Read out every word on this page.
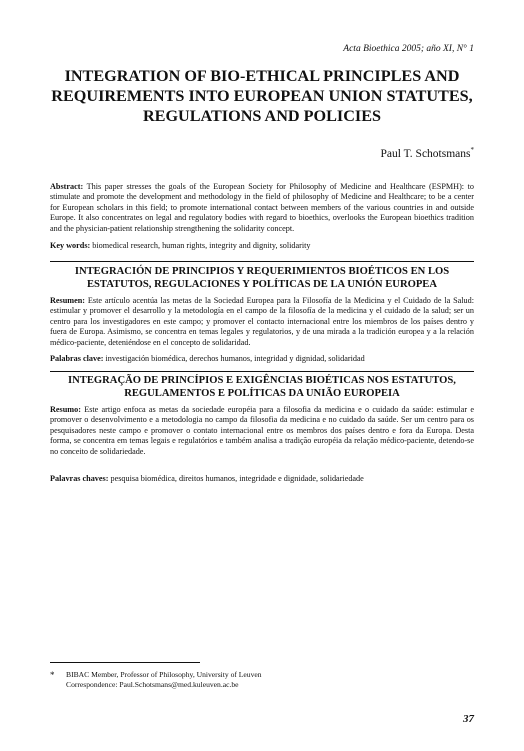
Acta Bioethica 2005; año XI, N° 1
INTEGRATION OF BIO-ETHICAL PRINCIPLES AND REQUIREMENTS INTO EUROPEAN UNION STATUTES, REGULATIONS AND POLICIES
Paul T. Schotsmans*
Abstract: This paper stresses the goals of the European Society for Philosophy of Medicine and Healthcare (ESPMH): to stimulate and promote the development and methodology in the field of philosophy of Medicine and Healthcare; to be a center for European scholars in this field; to promote international contact between members of the various countries in and outside Europe. It also concentrates on legal and regulatory bodies with regard to bioethics, overlooks the European bioethics tradition and the physician-patient relationship strengthening the solidarity concept.
Key words: biomedical research, human rights, integrity and dignity, solidarity
INTEGRACIÓN DE PRINCIPIOS Y REQUERIMIENTOS BIOÉTICOS EN LOS ESTATUTOS, REGULACIONES Y POLÍTICAS DE LA UNIÓN EUROPEA
Resumen: Este artículo acentúa las metas de la Sociedad Europea para la Filosofía de la Medicina y el Cuidado de la Salud: estimular y promover el desarrollo y la metodología en el campo de la filosofía de la medicina y el cuidado de la salud; ser un centro para los investigadores en este campo; y promover el contacto internacional entre los miembros de los países dentro y fuera de Europa. Asimismo, se concentra en temas legales y regulatorios, y de una mirada a la tradición europea y a la relación médico-paciente, deteniéndose en el concepto de solidaridad.
Palabras clave: investigación biomédica, derechos humanos, integridad y dignidad, solidaridad
INTEGRAÇÃO DE PRINCÍPIOS E EXIGÊNCIAS BIOÉTICAS NOS ESTATUTOS, REGULAMENTOS E POLÍTICAS DA UNIÃO EUROPEIA
Resumo: Este artigo enfoca as metas da sociedade européia para a filosofia da medicina e o cuidado da saúde: estimular e promover o desenvolvimento e a metodologia no campo da filosofia da medicina e no cuidado da saúde. Ser um centro para os pesquisadores neste campo e promover o contato internacional entre os membros dos países dentro e fora da Europa. Desta forma, se concentra em temas legais e regulatórios e também analisa a tradição européia da relação médico-paciente, detendo-se no conceito de solidariedade.
Palavras chaves: pesquisa biomédica, direitos humanos, integridade e dignidade, solidariedade
* BIBAC Member, Professor of Philosophy, University of Leuven
Correspondence: Paul.Schotsmans@med.kuleuven.ac.be
37
